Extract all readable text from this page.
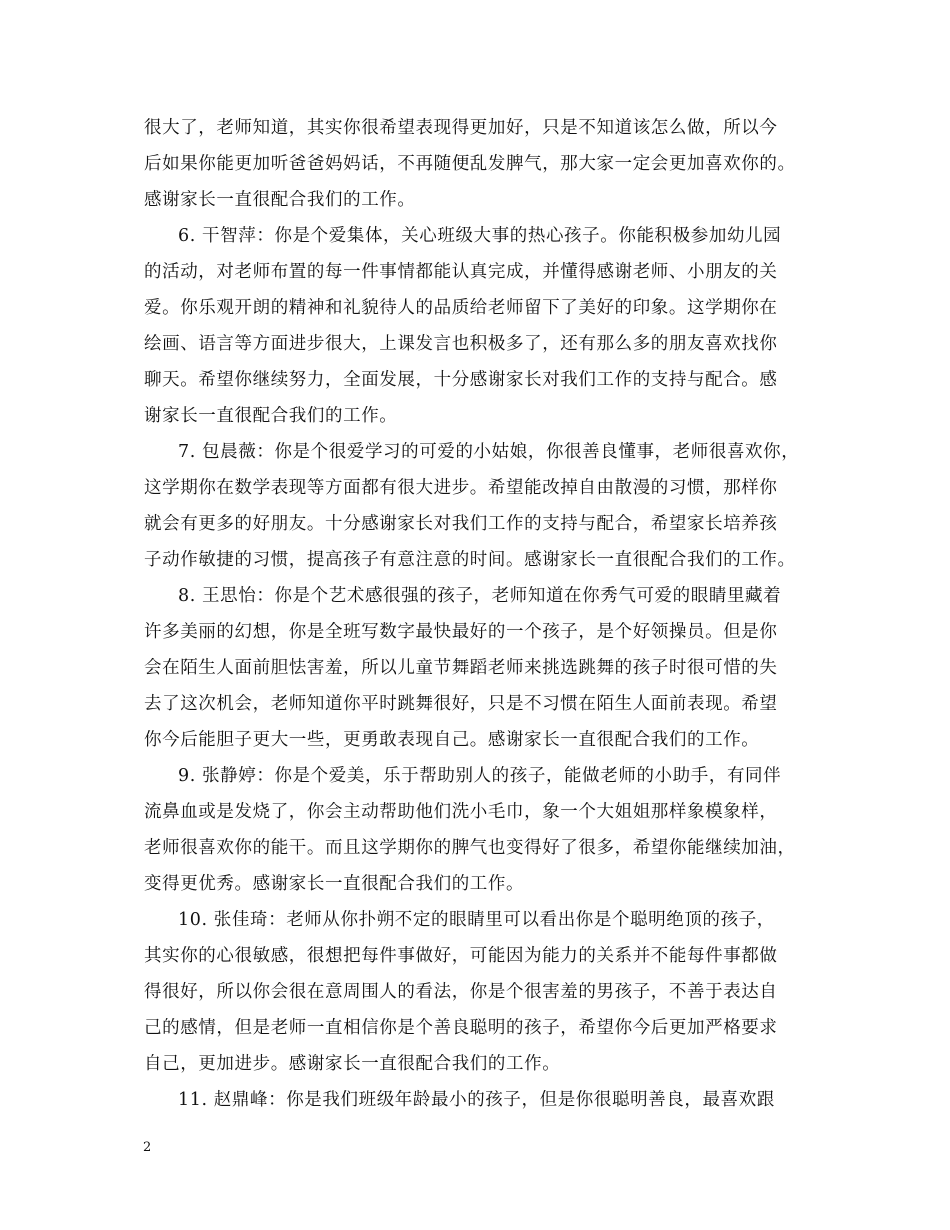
很大了，老师知道，其实你很希望表现得更加好，只是不知道该怎么做，所以今
后如果你能更加听爸爸妈妈话，不再随便乱发脾气，那大家一定会更加喜欢你的。
感谢家长一直很配合我们的工作。
6. 干智萍：你是个爱集体，关心班级大事的热心孩子。你能积极参加幼儿园
的活动，对老师布置的每一件事情都能认真完成，并懂得感谢老师、小朋友的关
爱。你乐观开朗的精神和礼貌待人的品质给老师留下了美好的印象。这学期你在
绘画、语言等方面进步很大，上课发言也积极多了，还有那么多的朋友喜欢找你
聊天。希望你继续努力，全面发展，十分感谢家长对我们工作的支持与配合。感
谢家长一直很配合我们的工作。
7. 包晨薇：你是个很爱学习的可爱的小姑娘，你很善良懂事，老师很喜欢你，
这学期你在数学表现等方面都有很大进步。希望能改掉自由散漫的习惯，那样你
就会有更多的好朋友。十分感谢家长对我们工作的支持与配合，希望家长培养孩
子动作敏捷的习惯，提高孩子有意注意的时间。感谢家长一直很配合我们的工作。
8. 王思怡：你是个艺术感很强的孩子，老师知道在你秀气可爱的眼睛里藏着
许多美丽的幻想，你是全班写数字最快最好的一个孩子，是个好领操员。但是你
会在陌生人面前胆怯害羞，所以儿童节舞蹈老师来挑选跳舞的孩子时很可惜的失
去了这次机会，老师知道你平时跳舞很好，只是不习惯在陌生人面前表现。希望
你今后能胆子更大一些，更勇敢表现自己。感谢家长一直很配合我们的工作。
9. 张静婷：你是个爱美，乐于帮助别人的孩子，能做老师的小助手，有同伴
流鼻血或是发烧了，你会主动帮助他们洗小毛巾，象一个大姐姐那样象模象样，
老师很喜欢你的能干。而且这学期你的脾气也变得好了很多，希望你能继续加油，
变得更优秀。感谢家长一直很配合我们的工作。
10. 张佳琦：老师从你扑朔不定的眼睛里可以看出你是个聪明绝顶的孩子，
其实你的心很敏感，很想把每件事做好，可能因为能力的关系并不能每件事都做
得很好，所以你会很在意周围人的看法，你是个很害羞的男孩子，不善于表达自
己的感情，但是老师一直相信你是个善良聪明的孩子，希望你今后更加严格要求
自己，更加进步。感谢家长一直很配合我们的工作。
11. 赵鼎峰：你是我们班级年龄最小的孩子，但是你很聪明善良，最喜欢跟
2
